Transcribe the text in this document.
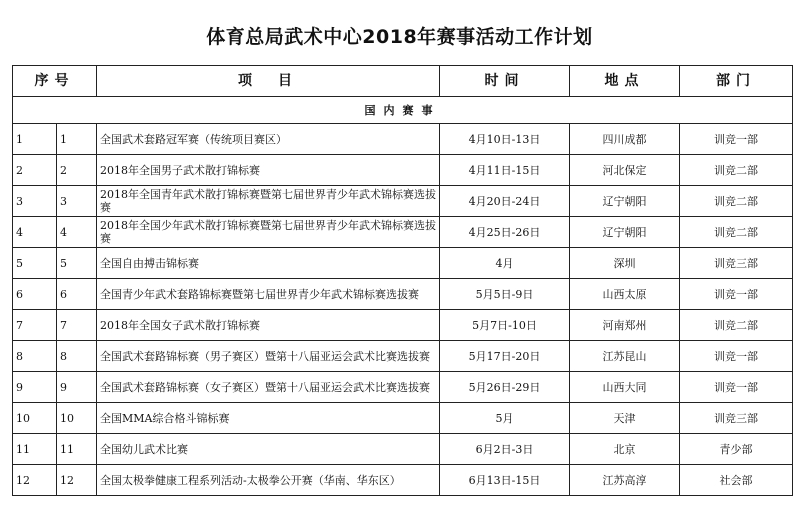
体育总局武术中心2018年赛事活动工作计划
序号		项　目	时间	地点	部门
国内赛事					
1	1	全国武术套路冠军赛（传统项目赛区）	4月10日-13日	四川成都	训竞一部
2	2	2018年全国男子武术散打锦标赛	4月11日-15日	河北保定	训竞二部
3	3	2018年全国青年武术散打锦标赛暨第七届世界青少年武术锦标赛选拔赛	4月20日-24日	辽宁朝阳	训竞二部
4	4	2018年全国少年武术散打锦标赛暨第七届世界青少年武术锦标赛选拔赛	4月25日-26日	辽宁朝阳	训竞二部
5	5	全国自由搏击锦标赛	4月	深圳	训竞三部
6	6	全国青少年武术套路锦标赛暨第七届世界青少年武术锦标赛选拔赛	5月5日-9日	山西太原	训竞一部
7	7	2018年全国女子武术散打锦标赛	5月7日-10日	河南郑州	训竞二部
8	8	全国武术套路锦标赛（男子赛区）暨第十八届亚运会武术比赛选拔赛	5月17日-20日	江苏昆山	训竞一部
9	9	全国武术套路锦标赛（女子赛区）暨第十八届亚运会武术比赛选拔赛	5月26日-29日	山西大同	训竞一部
10	10	全国MMA综合格斗锦标赛	5月	天津	训竞三部
11	11	全国幼儿武术比赛	6月2日-3日	北京	青少部
12	12	全国太极拳健康工程系列活动-太极拳公开赛（华南、华东区）	6月13日-15日	江苏高淳	社会部
